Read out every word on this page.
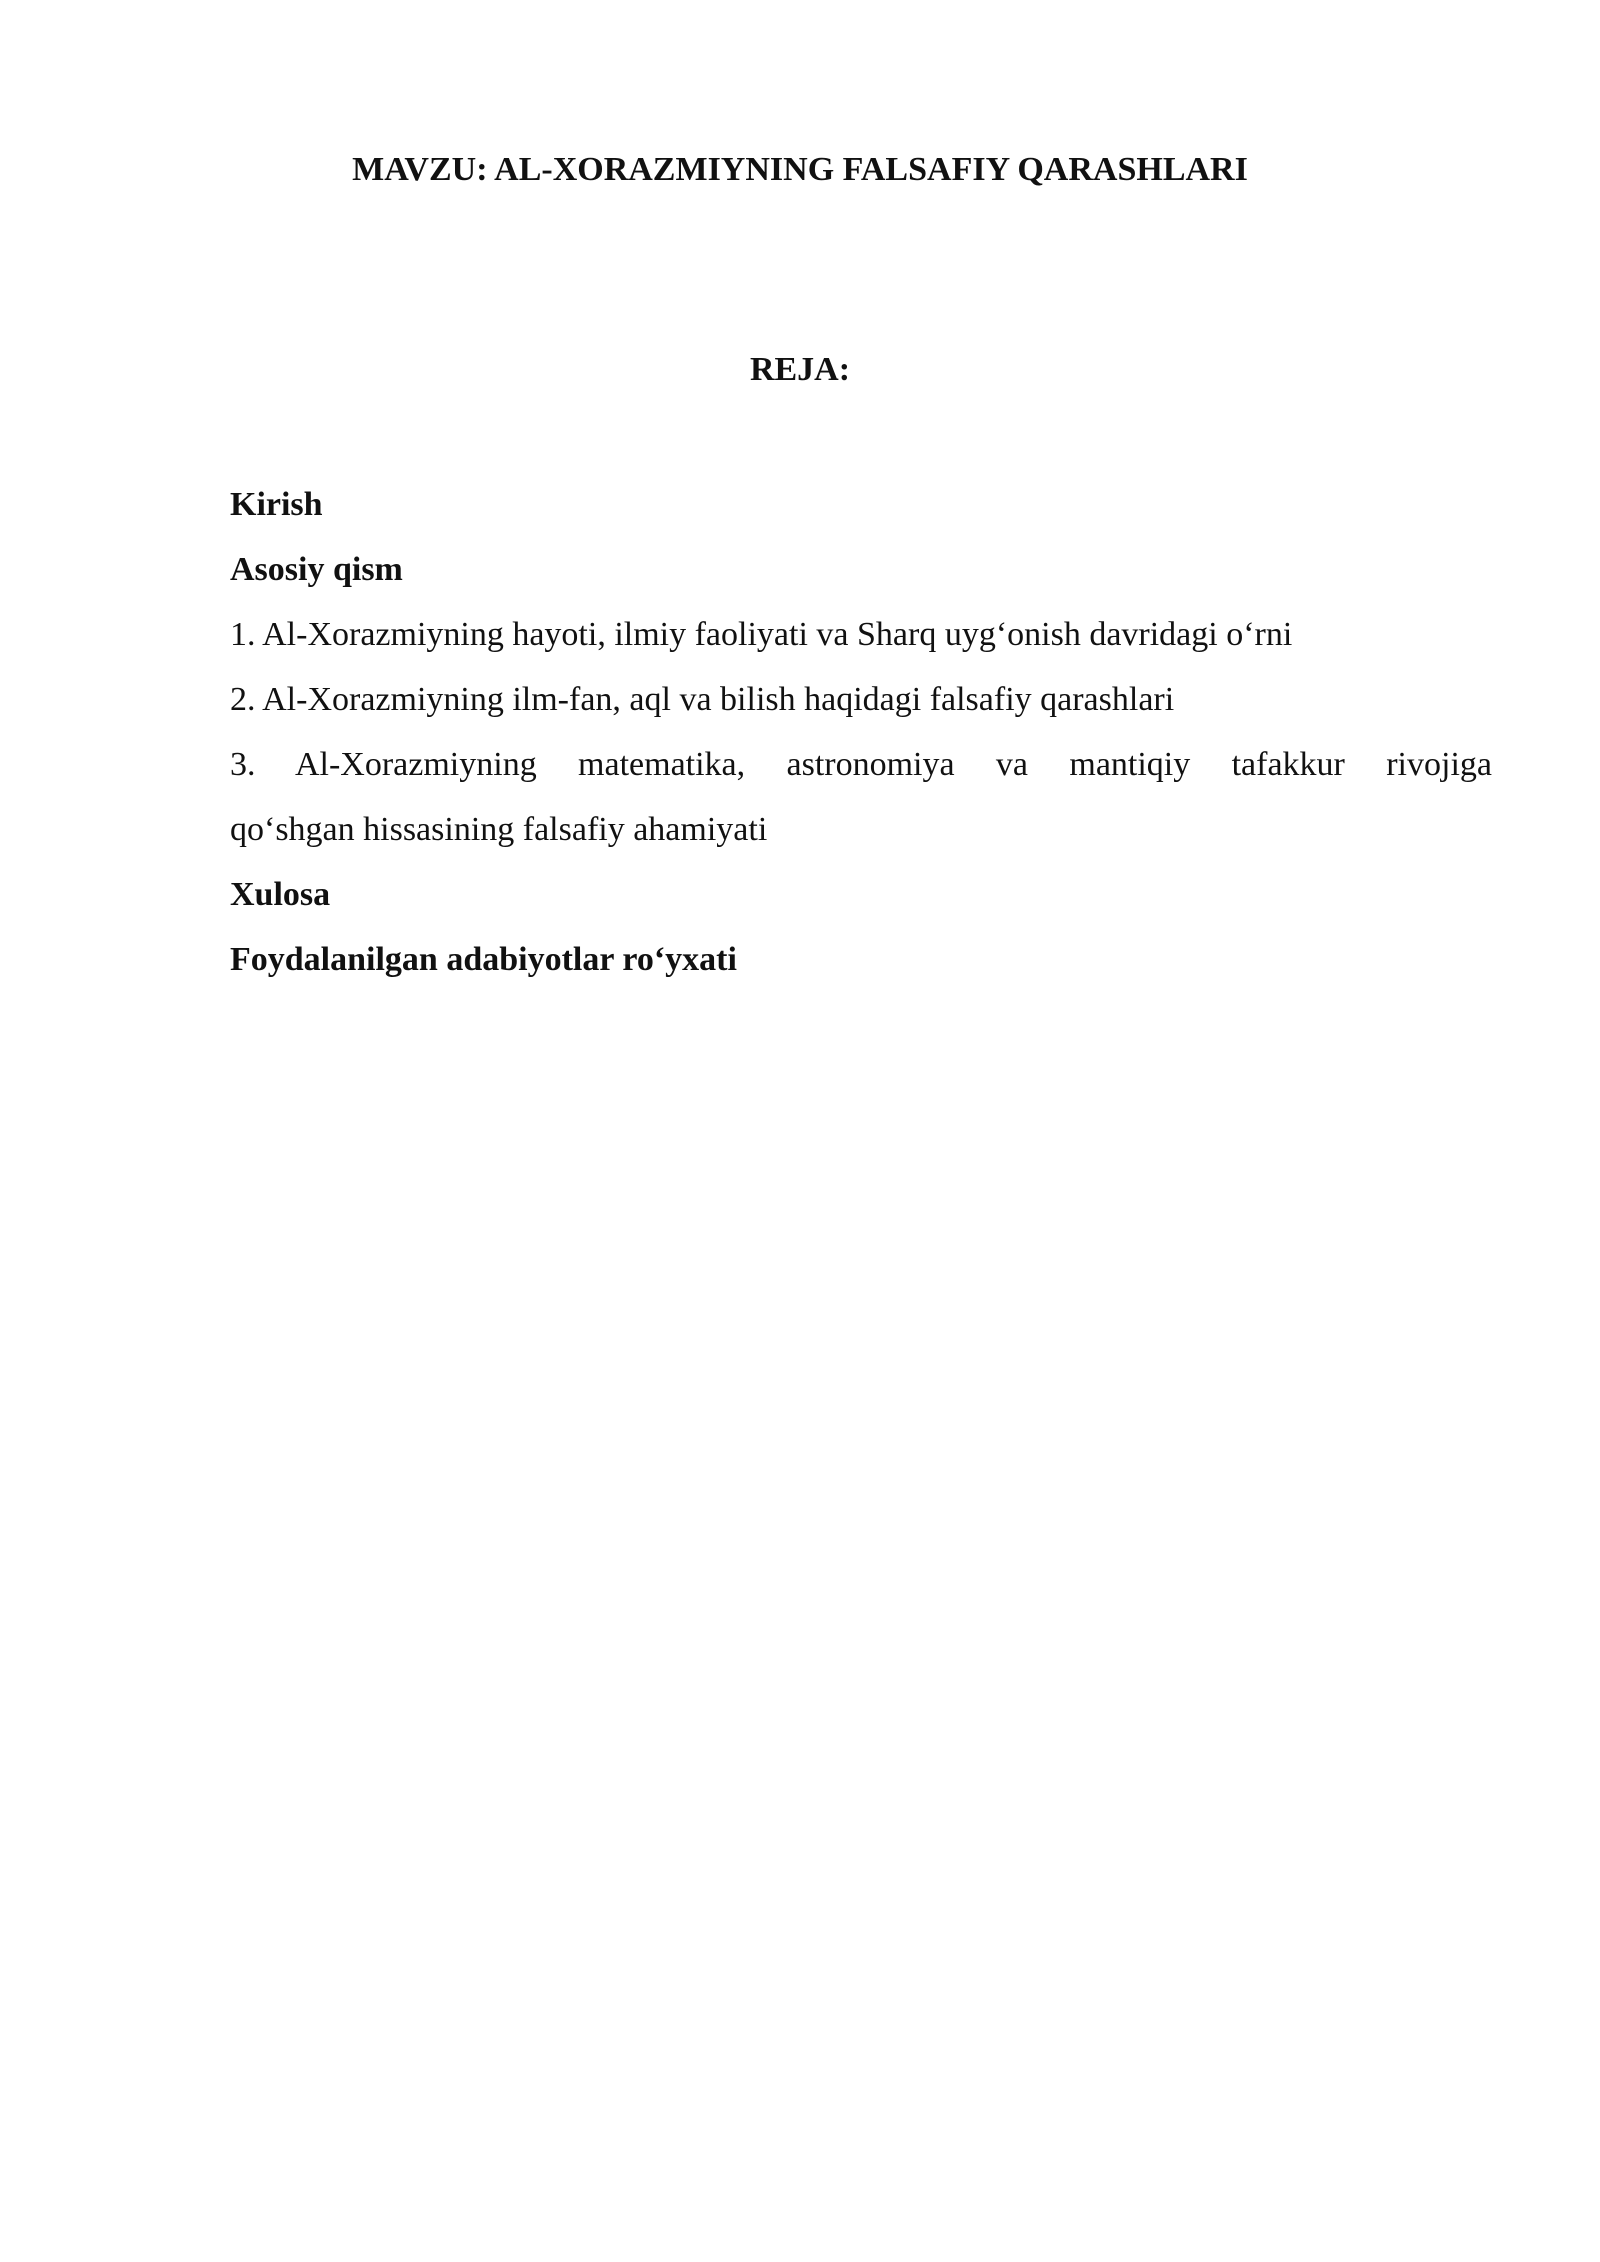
MAVZU: AL-XORAZMIYNING FALSAFIY QARASHLARI
REJA:
Kirish
Asosiy qism
1. Al-Xorazmiyning hayoti, ilmiy faoliyati va Sharq uyg‘onish davridagi o‘rni
2. Al-Xorazmiyning ilm-fan, aql va bilish haqidagi falsafiy qarashlari
3. Al-Xorazmiyning matematika, astronomiya va mantiqiy tafakkur rivojiga
qo‘shgan hissasining falsafiy ahamiyati
Xulosa
Foydalanilgan adabiyotlar ro‘yxati
